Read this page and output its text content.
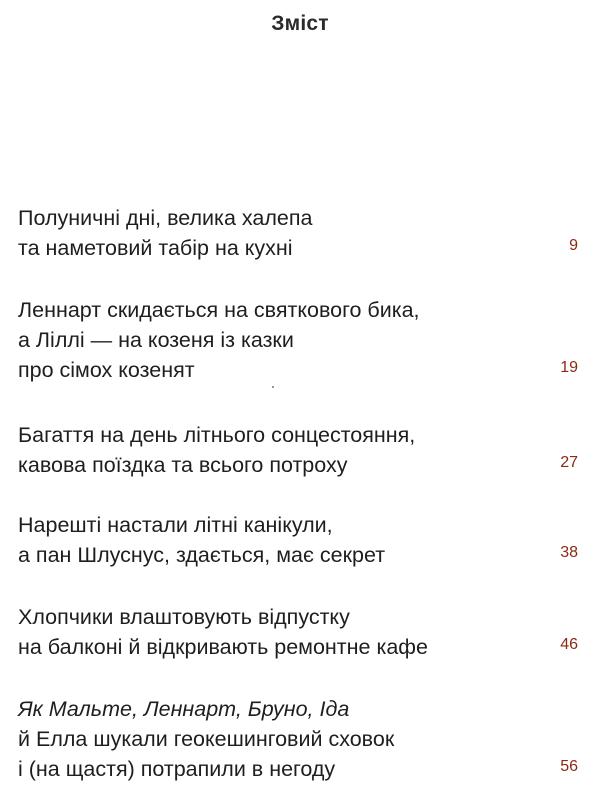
Зміст
Полуничні дні, велика халепа
та наметовий табір на кухні	9
Леннарт скидається на святкового бика,
а Ліллі — на козеня із казки
про сімох козенят	19
Багаття на день літнього сонцестояння,
кавова поїздка та всього потроху	27
Нарешті настали літні канікули,
а пан Шлуснус, здається, має секрет	38
Хлопчики влаштовують відпустку
на балконі й відкривають ремонтне кафе	46
Як Мальте, Леннарт, Бруно, Іда
й Елла шукали геокешинговий сховок
і (на щастя) потрапили в негоду	56
